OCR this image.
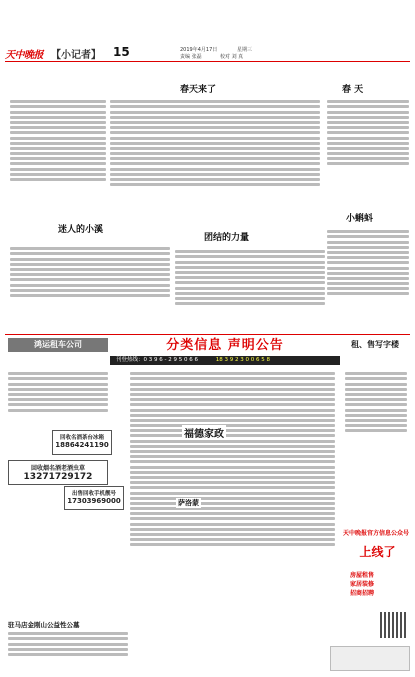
天中晚报 【小记者】 15	2019年4月17日	星期三
责编 张磊	校对 刘 真
春天来了	春 天
迷人的小溪
团结的力量
小蝌蚪
鸿运租车公司	分类信息 声明公告	租、售写字楼
刊登热线：0 3 9 6 - 2 9 5 0 6 6	18 3 9 2 3 0 0 6 5 8
回收名酒茶台冰箱
18864241190
回收烟名酒老酒虫草
13271729172
出售回收手机靓号
17303969000
福德家政
萨洛蒙
天中晚报官方信息公众号
上线了
房屋租售
家居装修
招商招聘
驻马店金刚山公益性公墓
